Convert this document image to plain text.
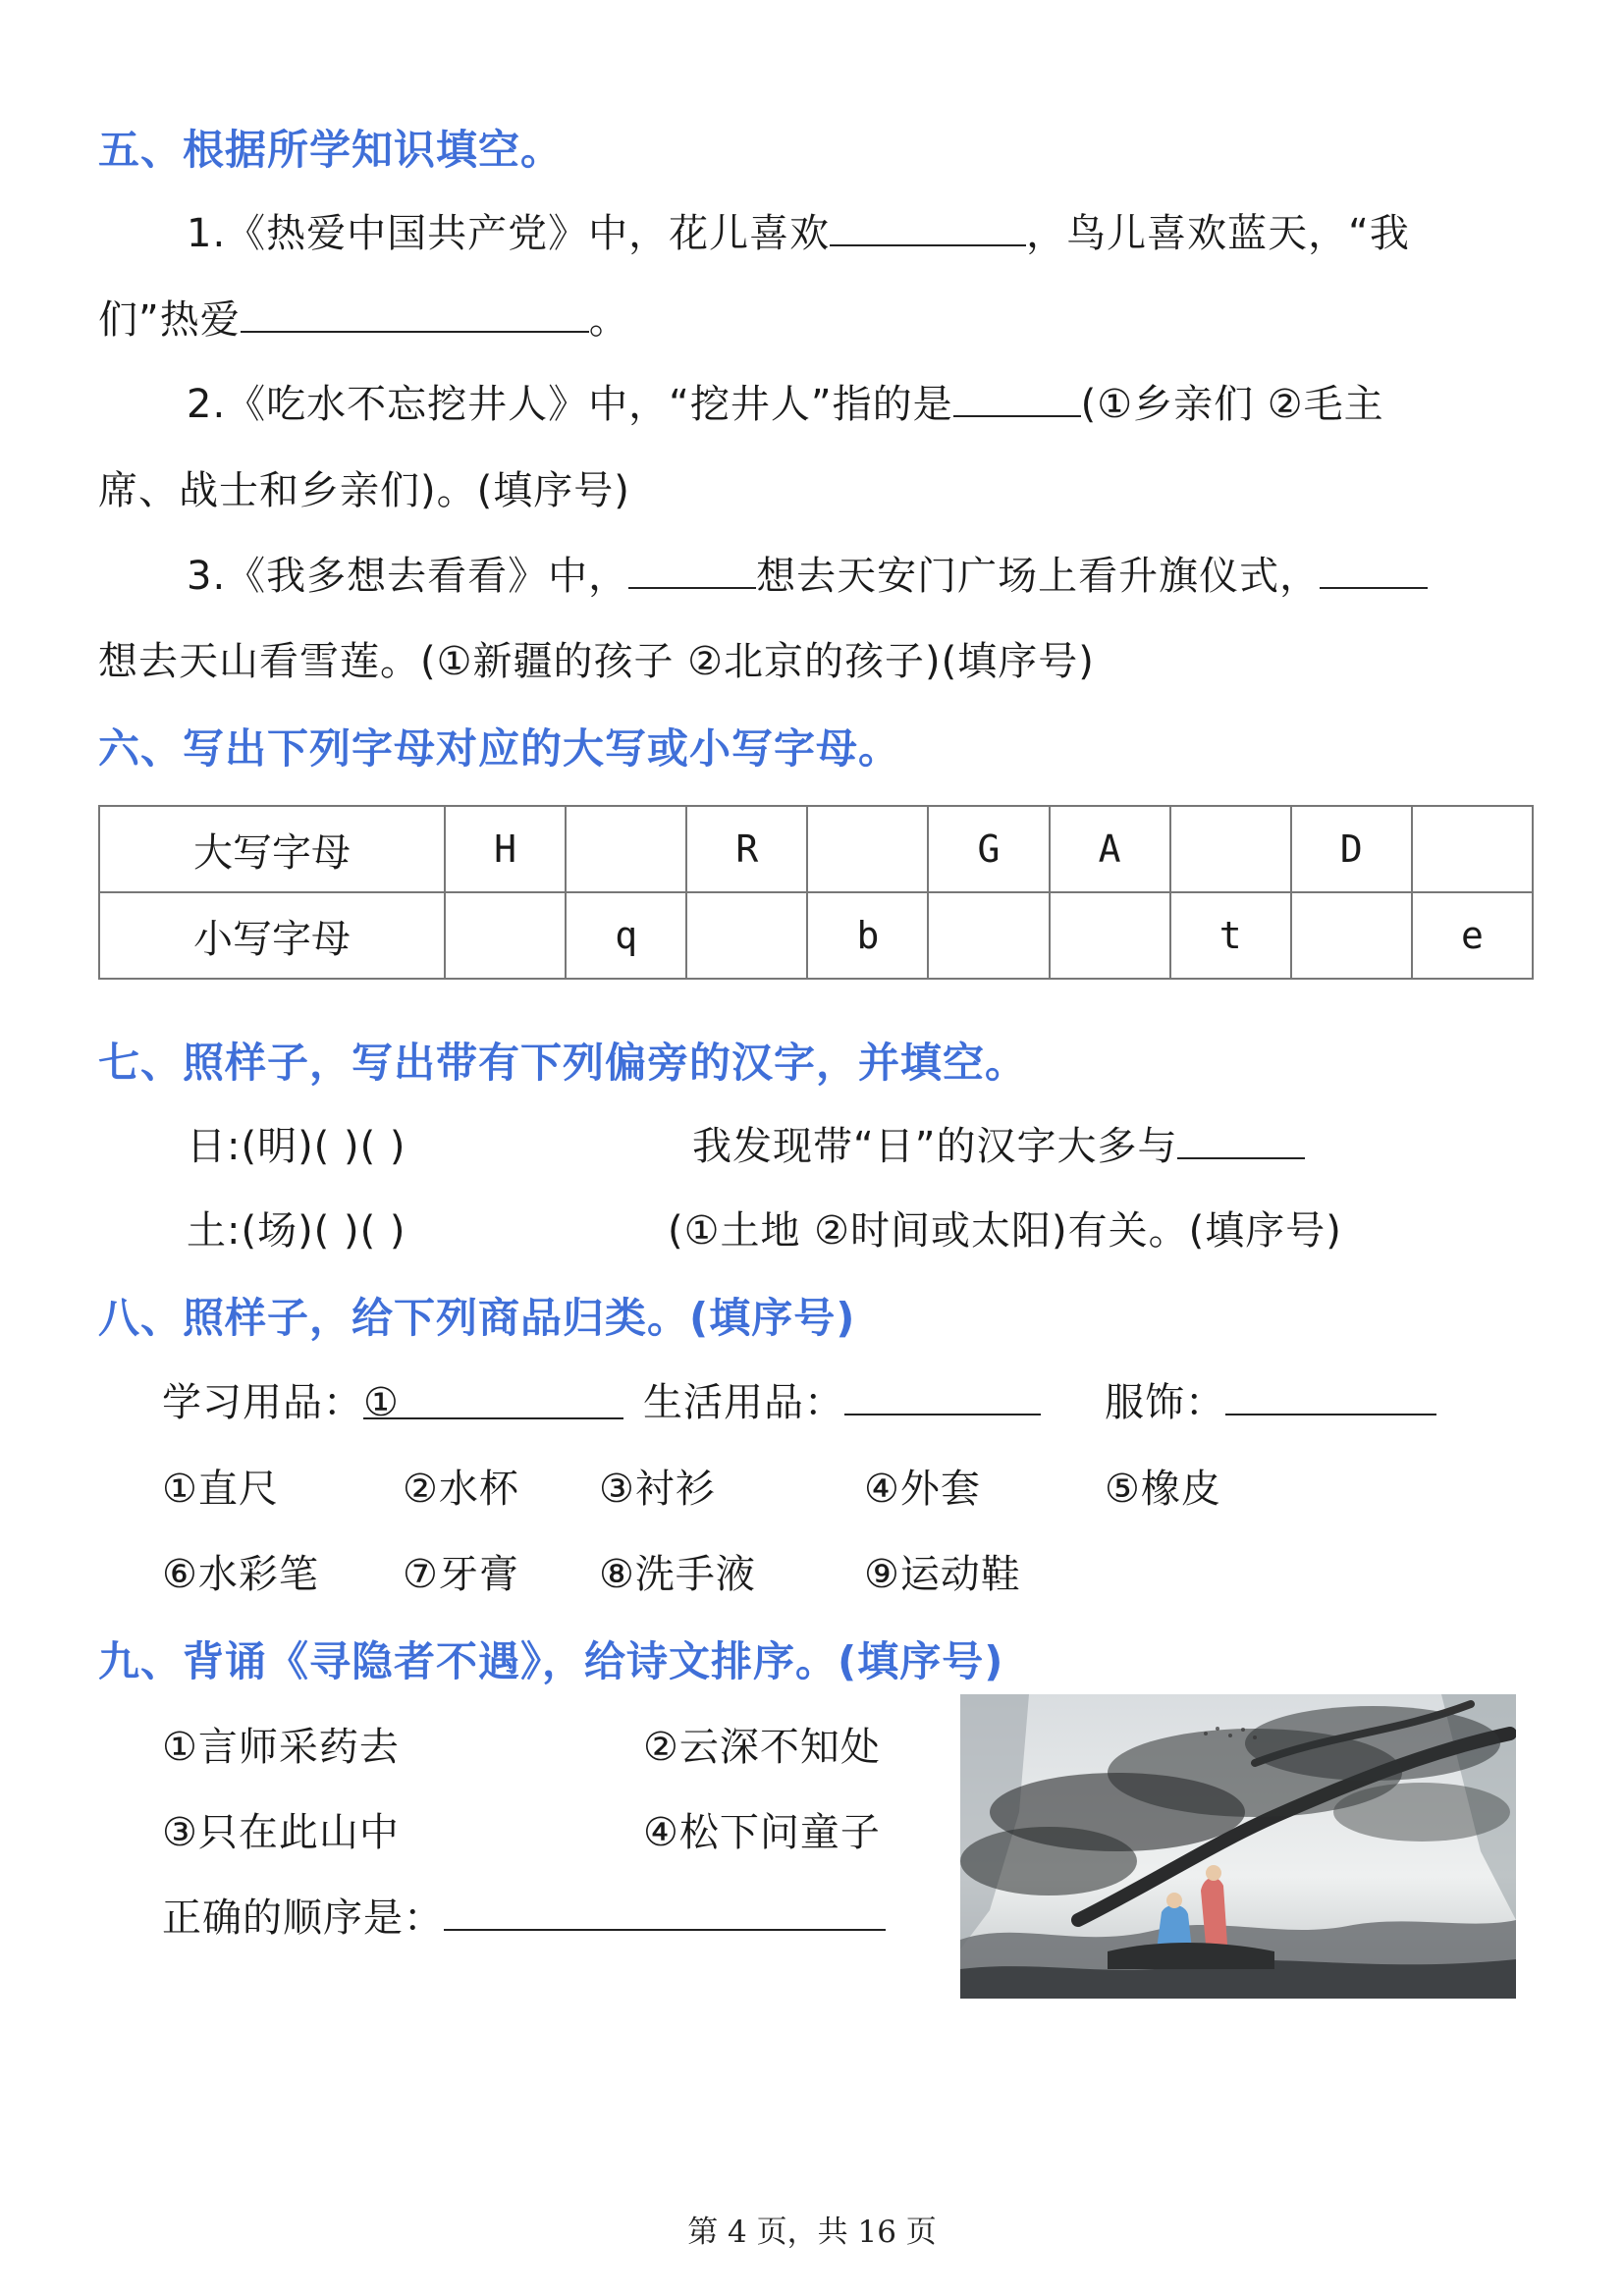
五、根据所学知识填空。
1.《热爱中国共产党》中，花儿喜欢	，鸟儿喜欢蓝天，“我
们”热爱	。
2.《吃水不忘挖井人》中，“挖井人”指的是	(①乡亲们 ②毛主
席、战士和乡亲们)。(填序号)
3.《我多想去看看》中，	想去天安门广场上看升旗仪式，
想去天山看雪莲。(①新疆的孩子 ②北京的孩子)(填序号)
六、写出下列字母对应的大写或小写字母。
大写字母	H		R		G	A		D	
小写字母		q		b			t		e
七、照样子，写出带有下列偏旁的汉字，并填空。
日:(明)( )( )	我发现带“日”的汉字大多与
土:(场)( )( )	(①土地 ②时间或太阳)有关。(填序号)
八、照样子，给下列商品归类。(填序号)
学习用品：①	生活用品：	服饰：
①直尺	②水杯 ③衬衫	④外套	⑤橡皮
⑥水彩笔 ⑦牙膏 ⑧洗手液	⑨运动鞋
九、背诵《寻隐者不遇》，给诗文排序。(填序号)
①言师采药去	②云深不知处
③只在此山中	④松下问童子
正确的顺序是：
第 4 页，共 16 页
